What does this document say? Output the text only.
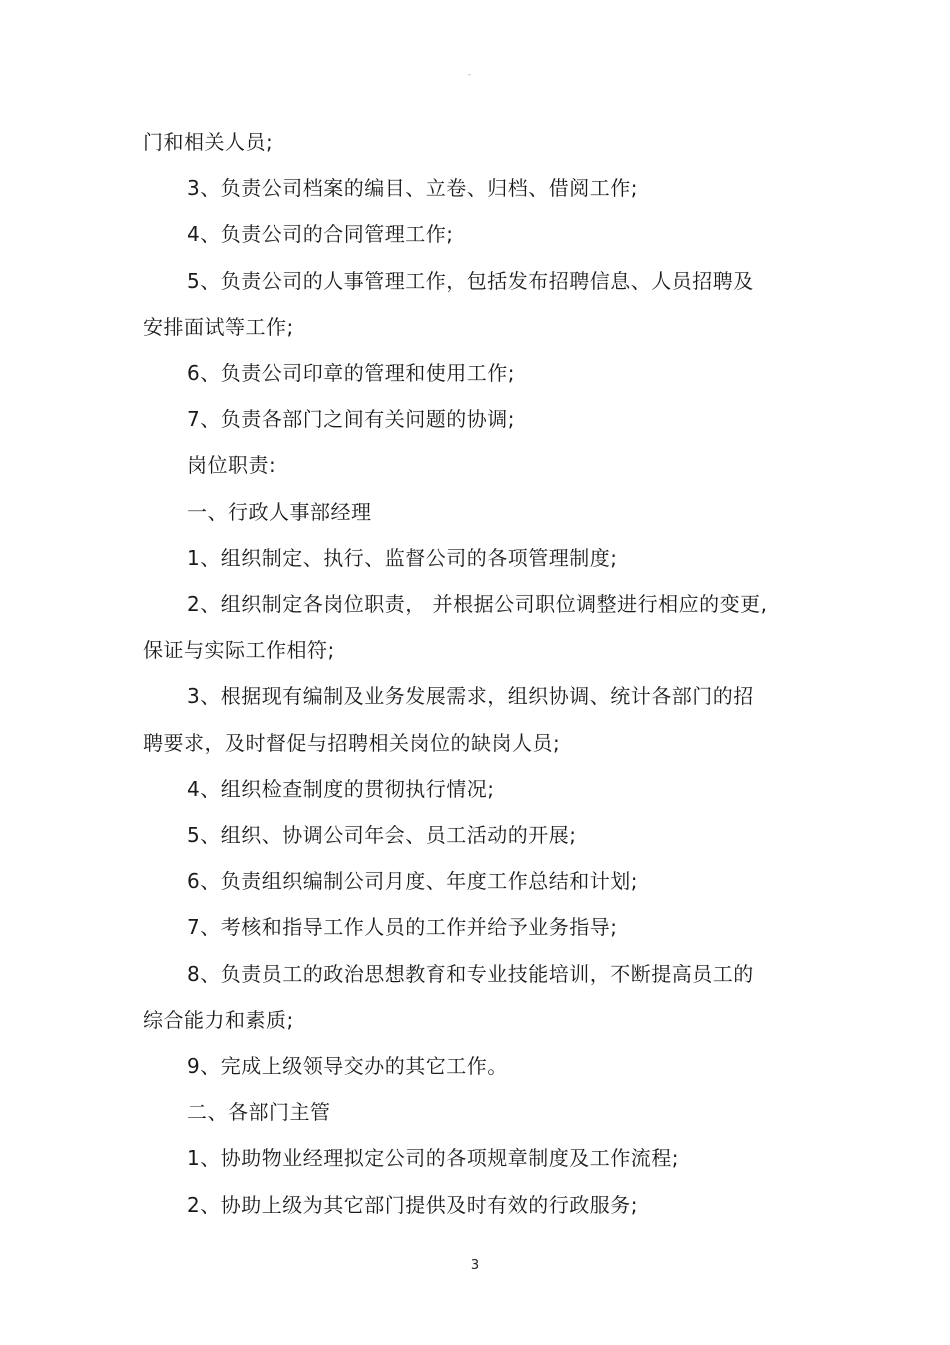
-
门和相关人员;
3、负责公司档案的编目、立卷、归档、借阅工作;
4、负责公司的合同管理工作;
5、负责公司的人事管理工作，包括发布招聘信息、人员招聘及
安排面试等工作;
6、负责公司印章的管理和使用工作;
7、负责各部门之间有关问题的协调;
岗位职责:
一、行政人事部经理
1、组织制定、执行、监督公司的各项管理制度;
2、组织制定各岗位职责， 并根据公司职位调整进行相应的变更,
保证与实际工作相符;
3、根据现有编制及业务发展需求，组织协调、统计各部门的招
聘要求，及时督促与招聘相关岗位的缺岗人员;
4、组织检查制度的贯彻执行情况;
5、组织、协调公司年会、员工活动的开展;
6、负责组织编制公司月度、年度工作总结和计划;
7、考核和指导工作人员的工作并给予业务指导;
8、负责员工的政治思想教育和专业技能培训，不断提高员工的
综合能力和素质;
9、完成上级领导交办的其它工作。
二、各部门主管
1、协助物业经理拟定公司的各项规章制度及工作流程;
2、协助上级为其它部门提供及时有效的行政服务;
3
